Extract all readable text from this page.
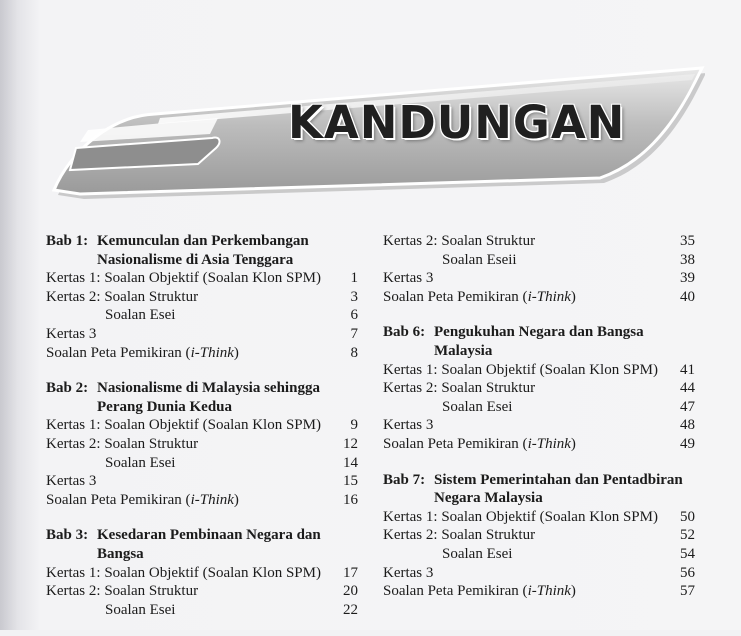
KANDUNGAN
Bab 1: Kemunculan dan Perkembangan
Nasionalisme di Asia Tenggara
Kertas 1: Soalan Objektif (Soalan Klon SPM) 1
Kertas 2: Soalan Struktur	3
Soalan Esei	6
Kertas 3	7
Soalan Peta Pemikiran (i-Think)	8
Bab 2: Nasionalisme di Malaysia sehingga
Perang Dunia Kedua
Kertas 1: Soalan Objektif (Soalan Klon SPM) 9
Kertas 2: Soalan Struktur	12
Soalan Esei	14
Kertas 3	15
Soalan Peta Pemikiran (i-Think)	16
Bab 3: Kesedaran Pembinaan Negara dan
Bangsa
Kertas 1: Soalan Objektif (Soalan Klon SPM) 17
Kertas 2: Soalan Struktur	20
Soalan Esei	22
Kertas 2: Soalan Struktur	35
Soalan Eseii	38
Kertas 3	39
Soalan Peta Pemikiran (i-Think)	40
Bab 6: Pengukuhan Negara dan Bangsa
Malaysia
Kertas 1: Soalan Objektif (Soalan Klon SPM) 41
Kertas 2: Soalan Struktur	44
Soalan Esei	47
Kertas 3	48
Soalan Peta Pemikiran (i-Think)	49
Bab 7: Sistem Pemerintahan dan Pentadbiran
Negara Malaysia
Kertas 1: Soalan Objektif (Soalan Klon SPM) 50
Kertas 2: Soalan Struktur	52
Soalan Esei	54
Kertas 3	56
Soalan Peta Pemikiran (i-Think)	57
